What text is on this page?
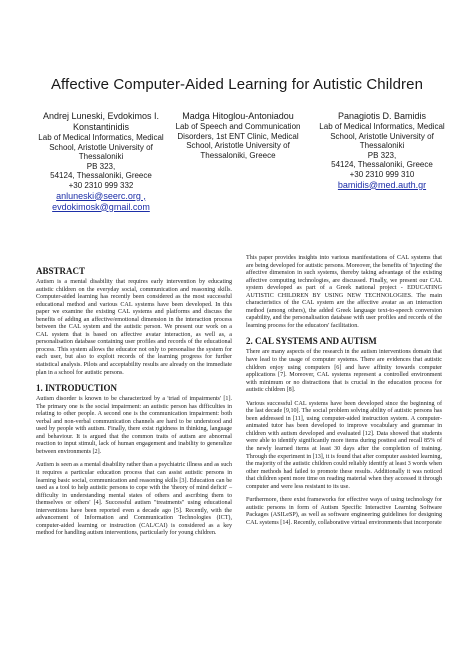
Affective Computer-Aided Learning for Autistic Children
Andrej Luneski, Evdokimos I.
Konstantinidis
Lab of Medical Informatics, Medical
School, Aristotle University of
Thessaloniki
PB 323,
54124, Thessaloniki, Greece
+30 2310 999 332
anluneski@seerc.org ,
evdokimosk@gmail.com
Madga Hitoglou-Antoniadou
Lab of Speech and Communication
Disorders, 1st ENT Clinic, Medical
School, Aristotle University of
Thessaloniki, Greece
Panagiotis D. Bamidis
Lab of Medical Informatics, Medical
School, Aristotle University of
Thessaloniki
PB 323,
54124, Thessaloniki, Greece
+30 2310 999 310
bamidis@med.auth.gr
ABSTRACT

Autism is a mental disability that requires early intervention by educating autistic children on the everyday social, communication and reasoning skills. Computer-aided learning has recently been considered as the most successful educational method and various CAL systems have been developed. In this paper we examine the existing CAL systems and platforms and discuss the benefits of adding an affective/emotional dimension in the interaction process between the CAL system and the autistic person. We present our work on a CAL system that is based on affective avatar interaction, as well as, a personalisation database containing user profiles and records of the educational process. This system allows the educator not only to personalise the system for each user, but also to exploit records of the learning progress for further statistical analysis. Pilots and acceptability results are already on the immediate plan in a school for autistic persons.

1. INTRODUCTION

Autism disorder is known to be characterized by a 'triad of impairments' [1]. The primary one is the social impairment: an autistic person has difficulties in relating to other people. A second one is the communication impairment: both verbal and non-verbal communication channels are hard to be understood and used by people with autism. Finally, there exist rigidness in thinking, language and behaviour. It is argued that the common traits of autism are abnormal reaction to input stimuli, lack of human engagement and inability to generalize between environments [2].

Autism is seen as a mental disability rather than a psychiatric illness and as such it requires a particular education process that can assist autistic persons in learning basic social, communication and reasoning skills [3]. Education can be used as a tool to help autistic persons to cope with the 'theory of mind deficit' – difficulty in understanding mental states of others and ascribing them to themselves or others' [4]. Successful autism "treatments" using educational interventions have been reported even a decade ago [5]. Recently, with the advancement of Information and Communication Technologies (ICT), computer-aided learning or instruction (CAL/CAI) is considered as a key method for handling autism interventions, particularly for young children.

This paper provides insights into various manifestations of CAL systems that are being developed for autistic persons. Moreover, the benefits of 'injecting' the affective dimension in such systems, thereby taking advantage of the existing affective computing technologies, are discussed. Finally, we present our CAL system developed as part of a Greek national project - EDUCATING AUTISTIC CHILDREN BY USING NEW TECHNOLOGIES. The main characteristics of the CAL system are the affective avatar as an interaction method (among others), the added Greek language text-to-speech conversion capability, and the personalisation database with user profiles and records of the learning process for the educators' facilitation.

2. CAL SYSTEMS AND AUTISM

There are many aspects of the research in the autism interventions domain that have lead to the usage of computer systems. There are evidences that autistic children enjoy using computers [6] and have affinity towards computer applications [7]. Moreover, CAL systems represent a controlled environment with minimum or no distractions that is crucial in the education process for autistic children [8].

Various successful CAL systems have been developed since the beginning of the last decade [9,10]. The social problem solving ability of autistic persons has been addressed in [11], using computer-aided instruction system. A computer-animated tutor has been developed to improve vocabulary and grammar in children with autism developed and evaluated [12]. Data showed that students were able to identify significantly more items during posttest and recall 85% of the newly learned items at least 30 days after the completion of training. Through the experiment in [13], it is found that after computer assisted learning, the majority of the autistic children could reliably identify at least 3 words when other methods had failed to promote these results. Additionally it was noticed that children spent more time on reading material when they accessed it through computer and were less resistant to its use.

Furthermore, there exist frameworks for effective ways of using technology for autistic persons in form of Autism Specific Interactive Learning Software Packages (ASILeSP), as well as software engineering guidelines for designing CAL systems [14]. Recently, collaborative virtual environments that incorporate
